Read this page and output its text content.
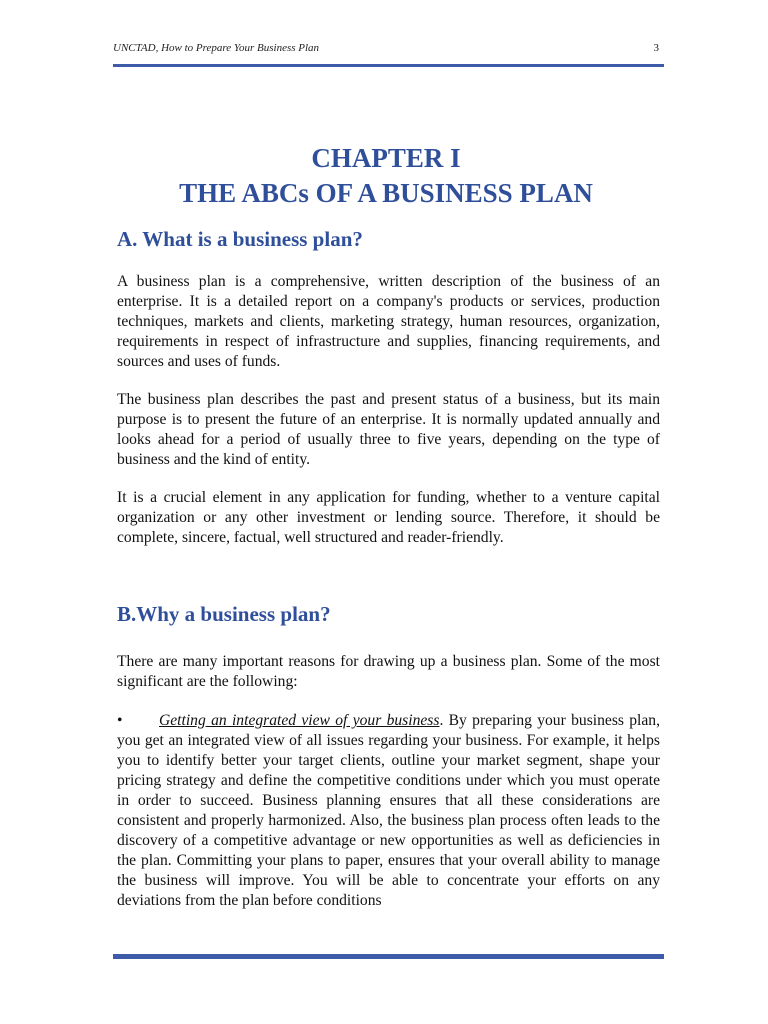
UNCTAD, How to Prepare Your Business Plan	3
CHAPTER I
THE ABCs OF A BUSINESS PLAN
A. What is a business plan?

A business plan is a comprehensive, written description of the business of an enterprise. It is a detailed report on a company's products or services, production techniques, markets and clients, marketing strategy, human resources, organization, requirements in respect of infrastructure and supplies, financing requirements, and sources and uses of funds.

The business plan describes the past and present status of a business, but its main purpose is to present the future of an enterprise. It is normally updated annually and looks ahead for a period of usually three to five years, depending on the type of business and the kind of entity.

It is a crucial element in any application for funding, whether to a venture capital organization or any other investment or lending source. Therefore, it should be complete, sincere, factual, well structured and reader-friendly.

B.Why a business plan?

There are many important reasons for drawing up a business plan. Some of the most significant are the following:

• Getting an integrated view of your business. By preparing your business plan, you get an integrated view of all issues regarding your business. For example, it helps you to identify better your target clients, outline your market segment, shape your pricing strategy and define the competitive conditions under which you must operate in order to succeed. Business planning ensures that all these considerations are consistent and properly harmonized. Also, the business plan process often leads to the discovery of a competitive advantage or new opportunities as well as deficiencies in the plan. Committing your plans to paper, ensures that your overall ability to manage the business will improve. You will be able to concentrate your efforts on any deviations from the plan before conditions
